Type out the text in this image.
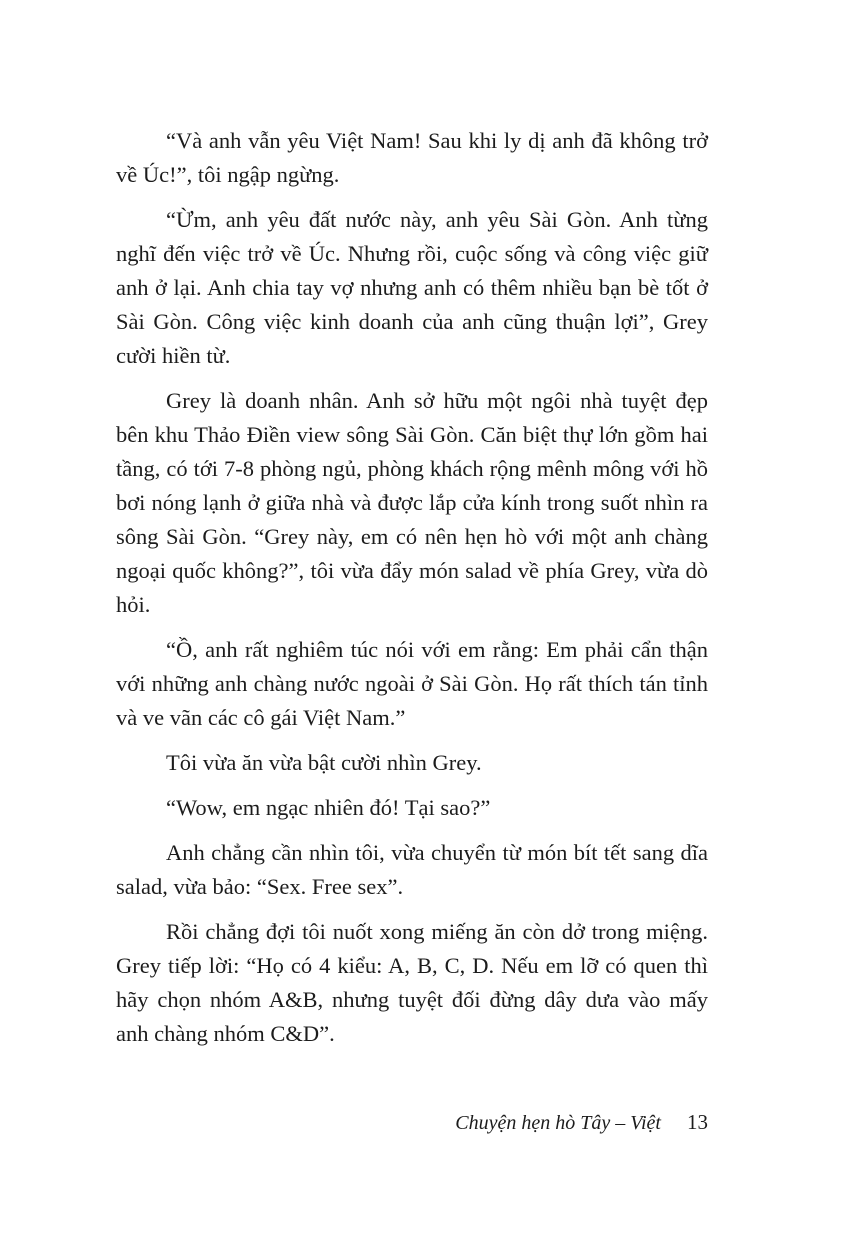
“Và anh vẫn yêu Việt Nam! Sau khi ly dị anh đã không trở về Úc!”, tôi ngập ngừng.

“Ừm, anh yêu đất nước này, anh yêu Sài Gòn. Anh từng nghĩ đến việc trở về Úc. Nhưng rồi, cuộc sống và công việc giữ anh ở lại. Anh chia tay vợ nhưng anh có thêm nhiều bạn bè tốt ở Sài Gòn. Công việc kinh doanh của anh cũng thuận lợi”, Grey cười hiền từ.

Grey là doanh nhân. Anh sở hữu một ngôi nhà tuyệt đẹp bên khu Thảo Điền view sông Sài Gòn. Căn biệt thự lớn gồm hai tầng, có tới 7-8 phòng ngủ, phòng khách rộng mênh mông với hồ bơi nóng lạnh ở giữa nhà và được lắp cửa kính trong suốt nhìn ra sông Sài Gòn. “Grey này, em có nên hẹn hò với một anh chàng ngoại quốc không?”, tôi vừa đẩy món salad về phía Grey, vừa dò hỏi.

“Ồ, anh rất nghiêm túc nói với em rằng: Em phải cẩn thận với những anh chàng nước ngoài ở Sài Gòn. Họ rất thích tán tỉnh và ve vãn các cô gái Việt Nam.”

Tôi vừa ăn vừa bật cười nhìn Grey.

“Wow, em ngạc nhiên đó! Tại sao?”

Anh chẳng cần nhìn tôi, vừa chuyển từ món bít tết sang dĩa salad, vừa bảo: “Sex. Free sex”.

Rồi chẳng đợi tôi nuốt xong miếng ăn còn dở trong miệng. Grey tiếp lời: “Họ có 4 kiểu: A, B, C, D. Nếu em lỡ có quen thì hãy chọn nhóm A&B, nhưng tuyệt đối đừng dây dưa vào mấy anh chàng nhóm C&D”.

Chuyện hẹn hò Tây – Việt 13
